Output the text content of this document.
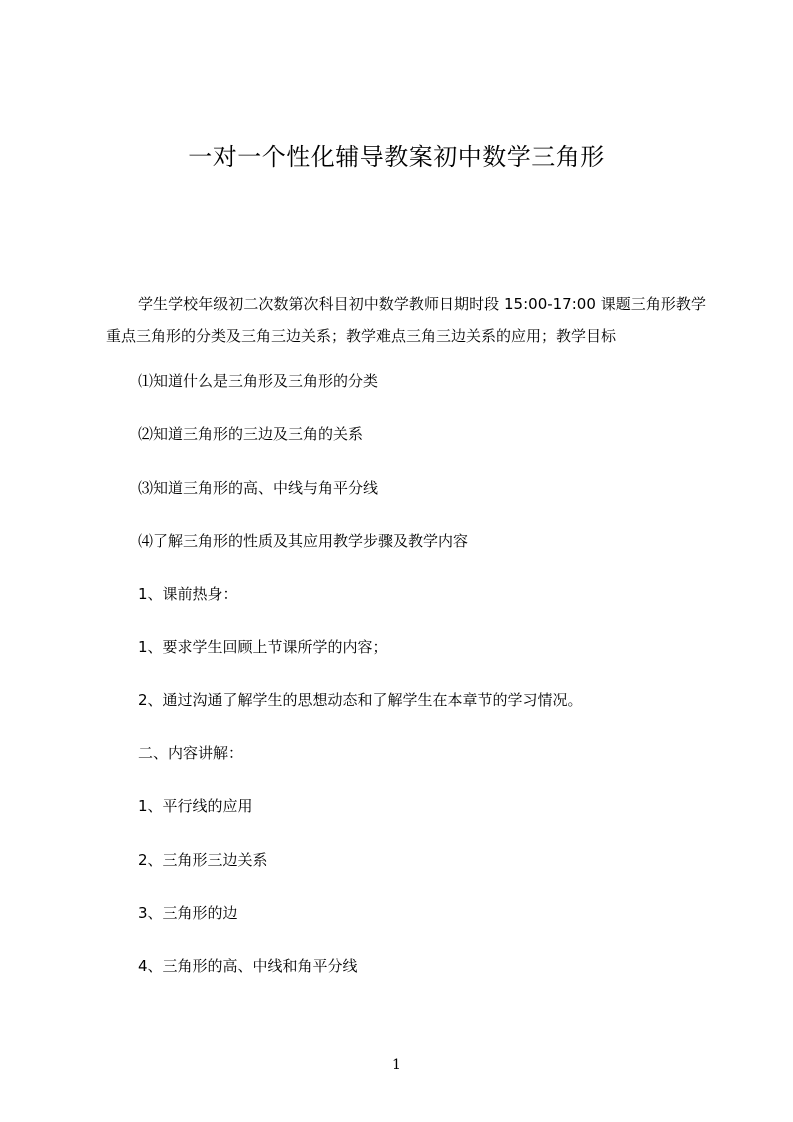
一对一个性化辅导教案初中数学三角形
学生学校年级初二次数第次科目初中数学教师日期时段 15:00-17:00 课题三角形教学重点三角形的分类及三角三边关系；教学难点三角三边关系的应用；教学目标
⑴知道什么是三角形及三角形的分类
⑵知道三角形的三边及三角的关系
⑶知道三角形的高、中线与角平分线
⑷了解三角形的性质及其应用教学步骤及教学内容
1、课前热身：
1、要求学生回顾上节课所学的内容；
2、通过沟通了解学生的思想动态和了解学生在本章节的学习情况。
二、内容讲解：
1、平行线的应用
2、三角形三边关系
3、三角形的边
4、三角形的高、中线和角平分线
1
